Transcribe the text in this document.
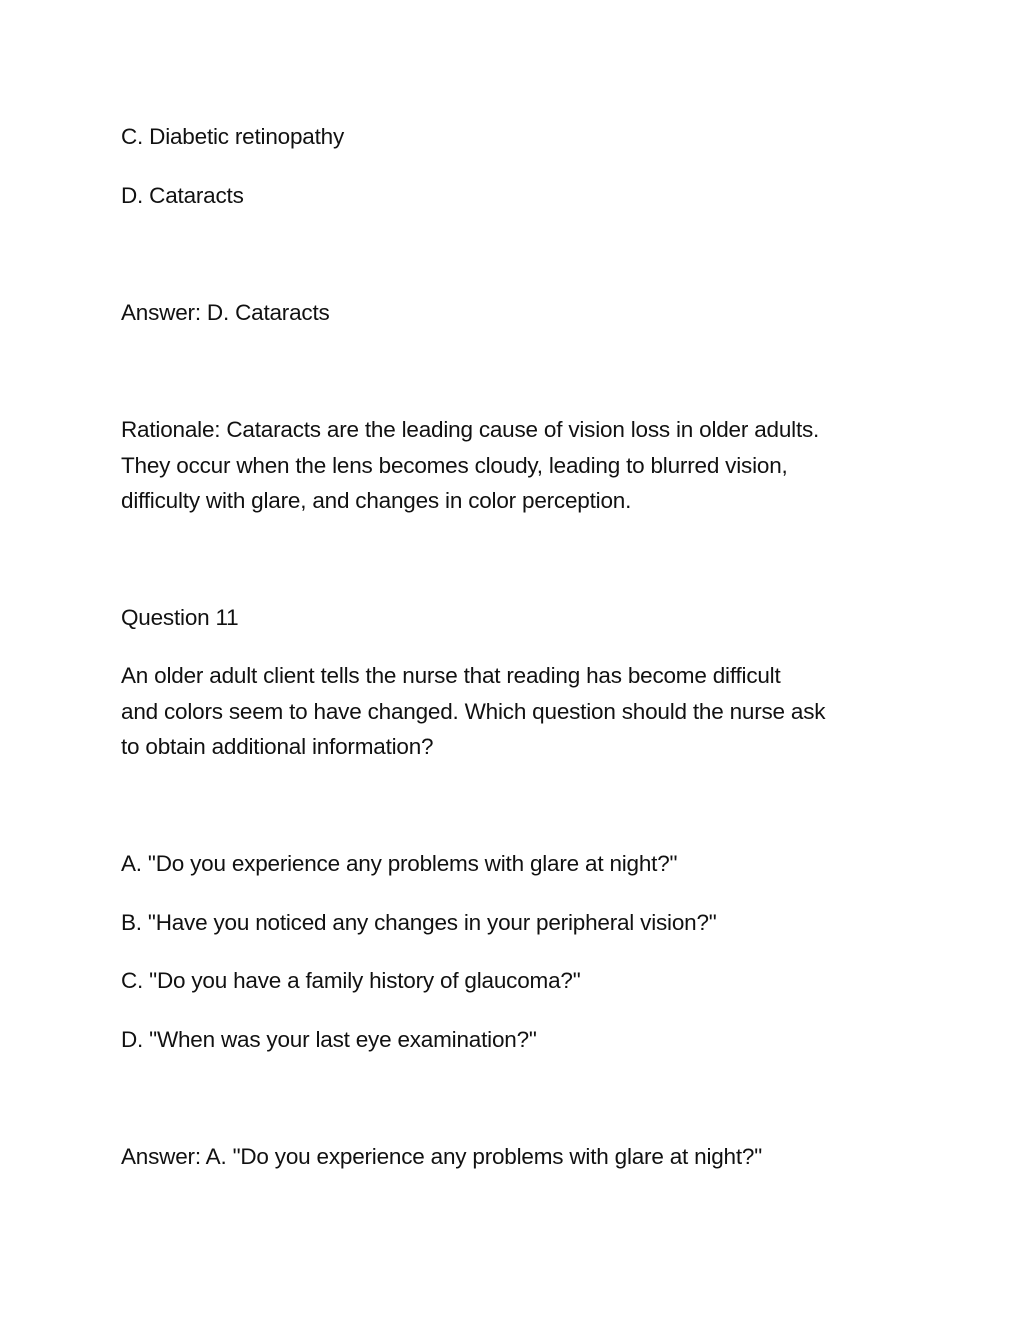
C. Diabetic retinopathy
D. Cataracts
Answer: D. Cataracts
Rationale: Cataracts are the leading cause of vision loss in older adults.
They occur when the lens becomes cloudy, leading to blurred vision,
difficulty with glare, and changes in color perception.
Question 11
An older adult client tells the nurse that reading has become difficult
and colors seem to have changed. Which question should the nurse ask
to obtain additional information?
A. "Do you experience any problems with glare at night?"
B. "Have you noticed any changes in your peripheral vision?"
C. "Do you have a family history of glaucoma?"
D. "When was your last eye examination?"
Answer: A. "Do you experience any problems with glare at night?"
